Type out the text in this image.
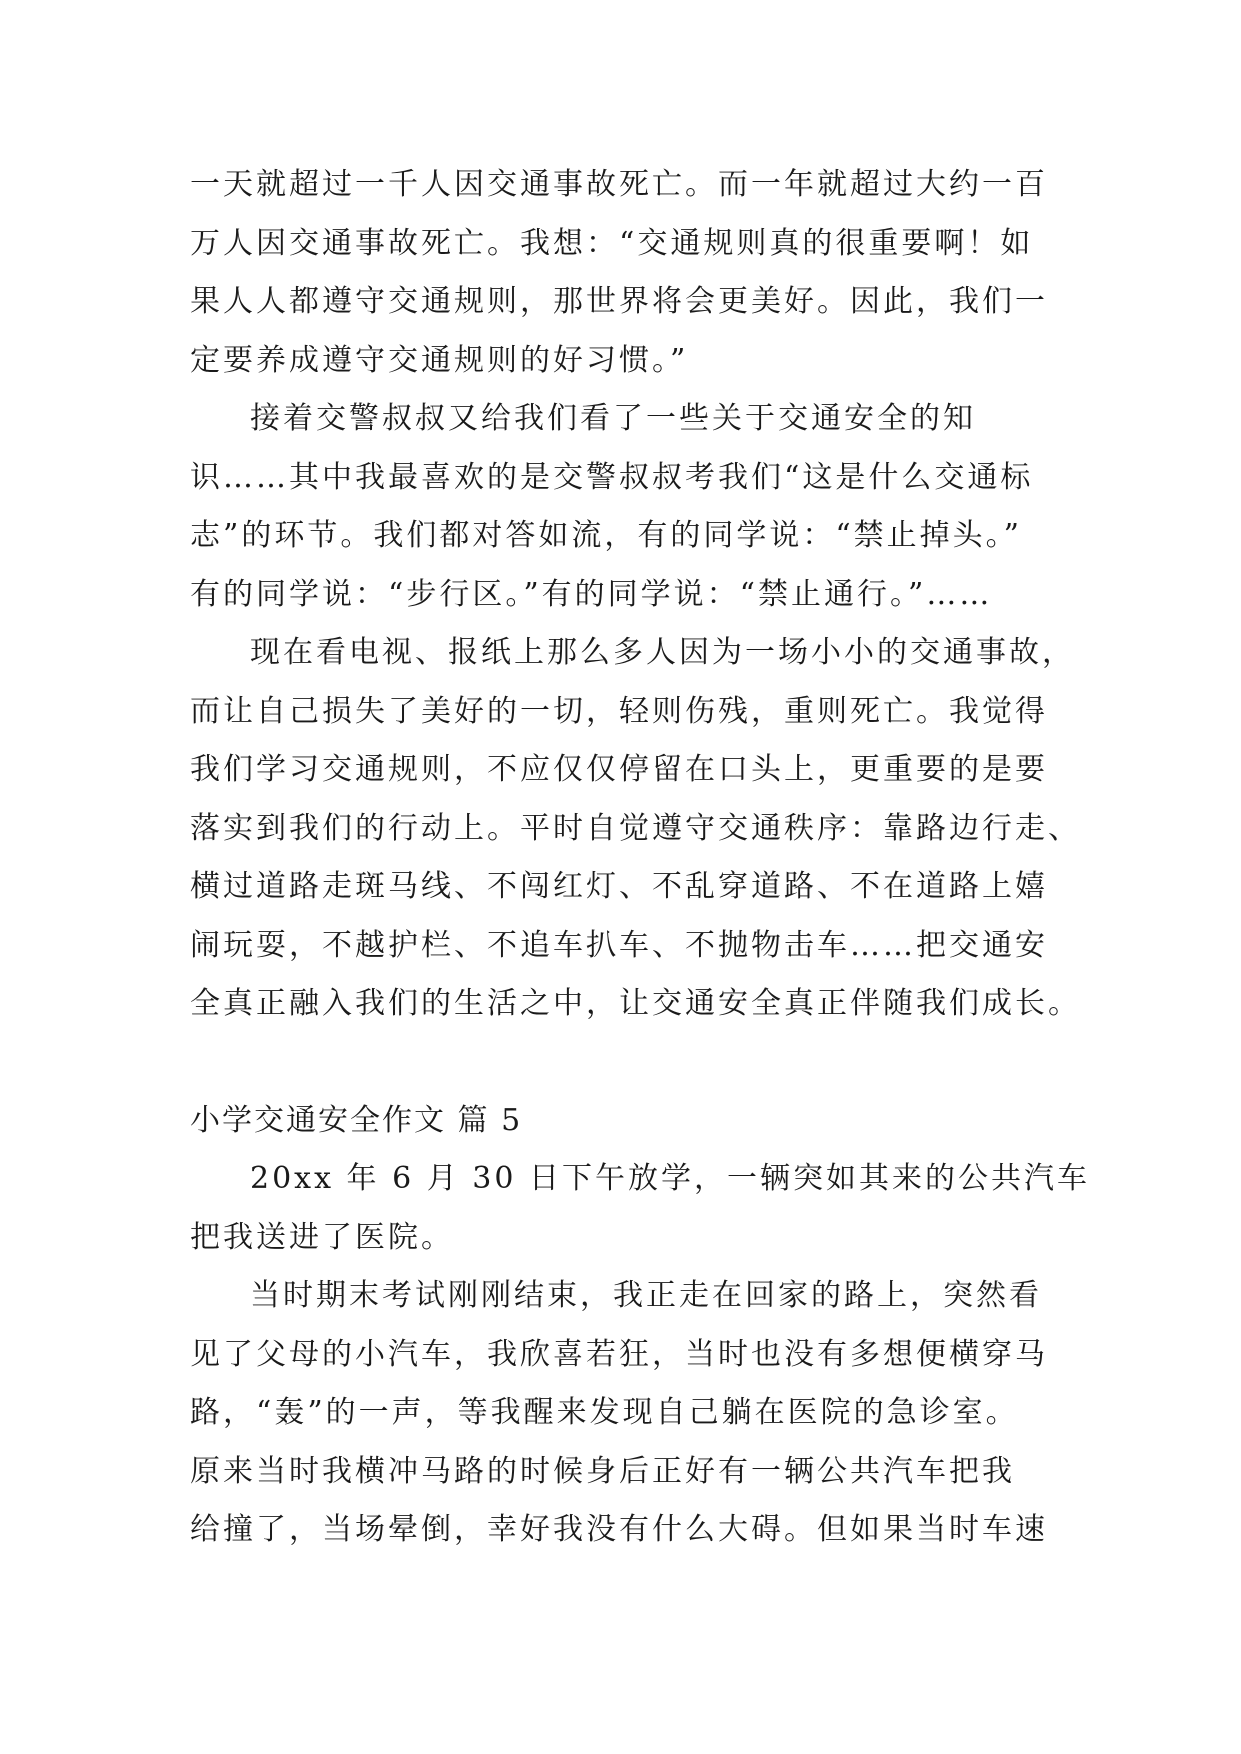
一天就超过一千人因交通事故死亡。而一年就超过大约一百
万人因交通事故死亡。我想：“交通规则真的很重要啊！如
果人人都遵守交通规则，那世界将会更美好。因此，我们一
定要养成遵守交通规则的好习惯。”

接着交警叔叔又给我们看了一些关于交通安全的知
识……其中我最喜欢的是交警叔叔考我们“这是什么交通标
志”的环节。我们都对答如流，有的同学说：“禁止掉头。”
有的同学说：“步行区。”有的同学说：“禁止通行。”……

现在看电视、报纸上那么多人因为一场小小的交通事故，
而让自己损失了美好的一切，轻则伤残，重则死亡。我觉得
我们学习交通规则，不应仅仅停留在口头上，更重要的是要
落实到我们的行动上。平时自觉遵守交通秩序：靠路边行走、
横过道路走斑马线、不闯红灯、不乱穿道路、不在道路上嬉
闹玩耍，不越护栏、不追车扒车、不抛物击车……把交通安
全真正融入我们的生活之中，让交通安全真正伴随我们成长。

小学交通安全作文 篇 5

20xx 年 6 月 30 日下午放学，一辆突如其来的公共汽车
把我送进了医院。

当时期末考试刚刚结束，我正走在回家的路上，突然看
见了父母的小汽车，我欣喜若狂，当时也没有多想便横穿马
路，“轰”的一声，等我醒来发现自己躺在医院的急诊室。
原来当时我横冲马路的时候身后正好有一辆公共汽车把我
给撞了，当场晕倒，幸好我没有什么大碍。但如果当时车速
